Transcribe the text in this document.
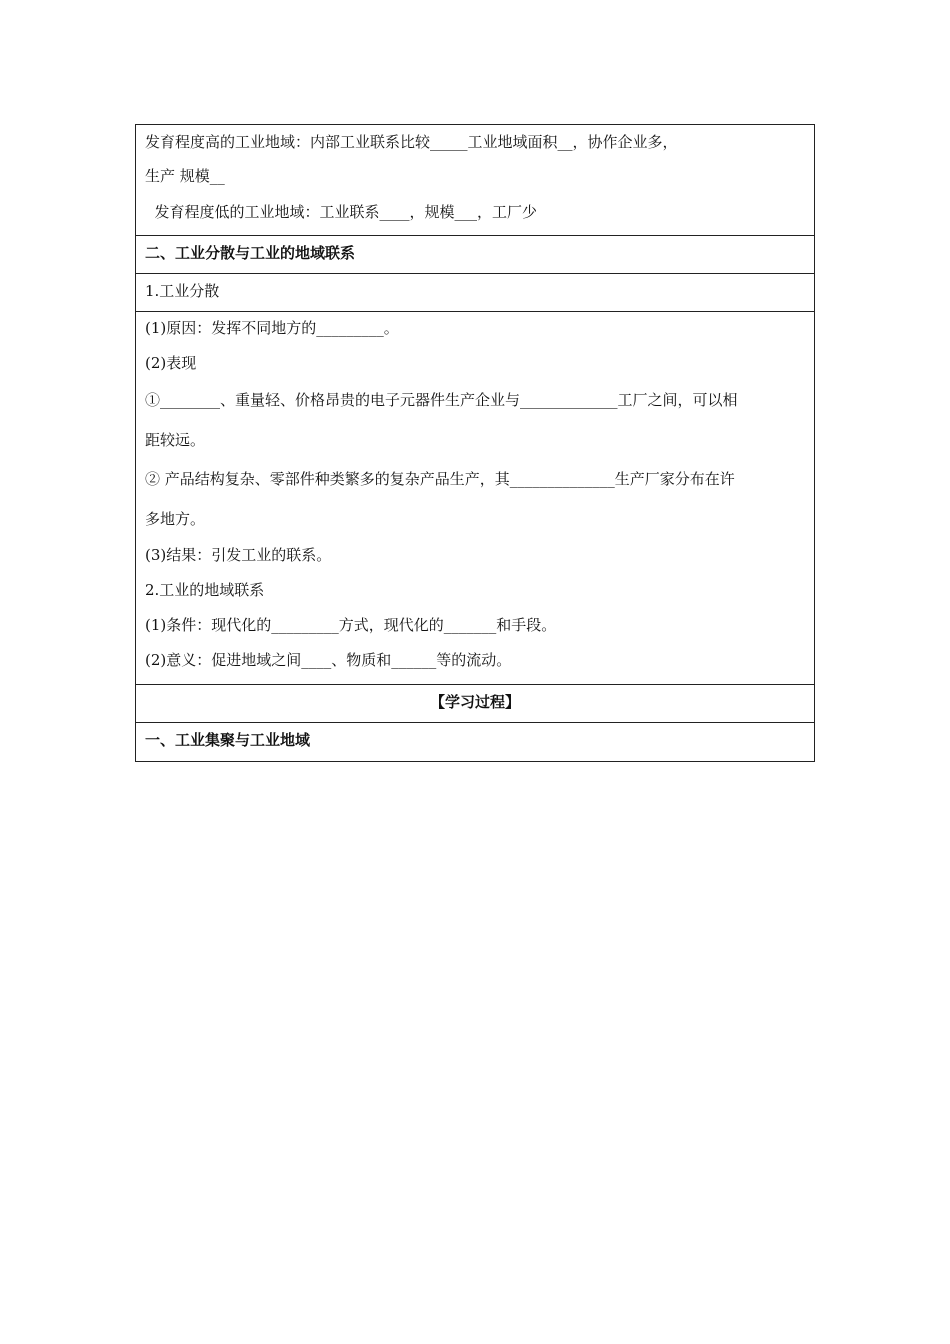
发育程度高的工业地域：内部工业联系比较_____工业地域面积__，协作企业多，
生产 规模__
发育程度低的工业地域：工业联系____，规模___，工厂少
二、工业分散与工业的地域联系
1.工业分散
(1)原因：发挥不同地方的_________。
(2)表现
①________、重量轻、价格昂贵的电子元器件生产企业与_____________工厂之间，可以相
距较远。
② 产品结构复杂、零部件种类繁多的复杂产品生产，其______________生产厂家分布在许
多地方。
(3)结果：引发工业的联系。
2.工业的地域联系
(1)条件：现代化的_________方式，现代化的_______和手段。
(2)意义：促进地域之间____、物质和______等的流动。
【学习过程】
一、工业集聚与工业地域
